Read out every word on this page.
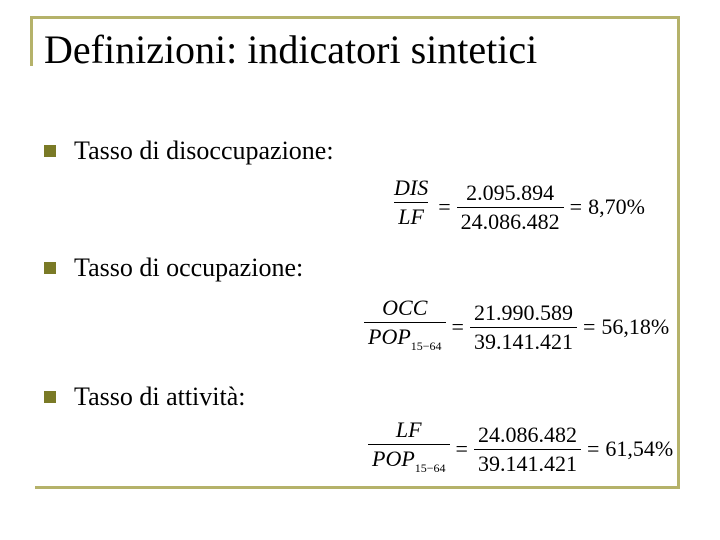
Definizioni: indicatori sintetici
Tasso di disoccupazione:
$\frac{\text{DIS}}{LF} = \frac{2.095.894}{24.086.482} = 8,70\%$
Tasso di occupazione:
$\frac{\text{OCC}}{POP_{15-64}} = \frac{21.990.589}{39.141.421} = 56,18\%$
Tasso di attività:
$\frac{LF}{POP_{15-64}} = \frac{24.086.482}{39.141.421} = 61,54\%$
